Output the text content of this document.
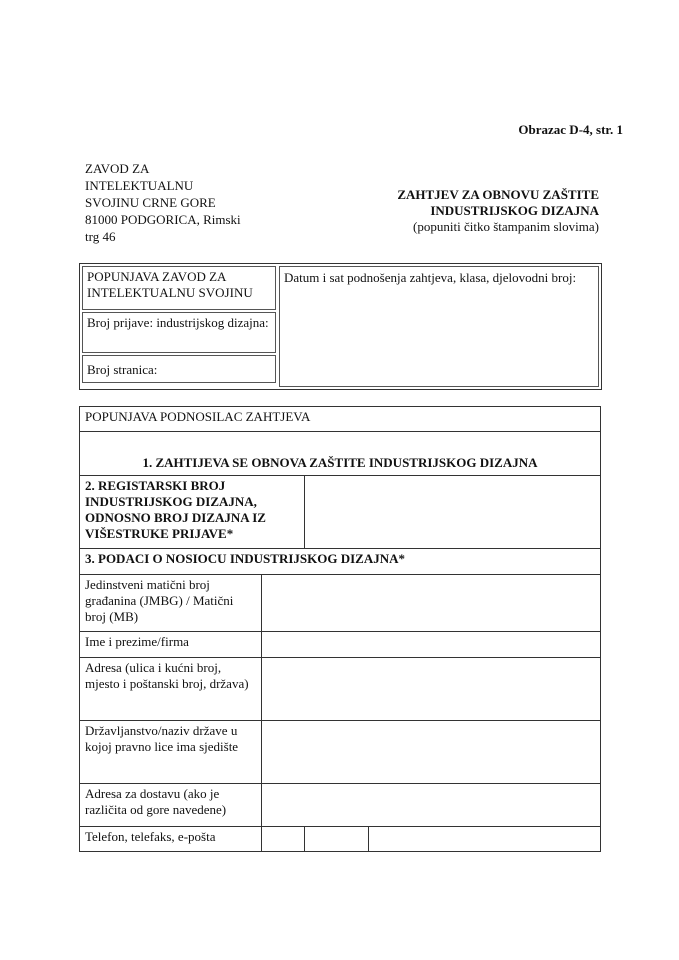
Obrazac D-4, str. 1
ZAVOD ZA
INTELEKTUALNU
SVOJINU CRNE GORE
81000 PODGORICA, Rimski
trg 46
ZAHTJEV ZA OBNOVU ZAŠTITE
INDUSTRIJSKOG DIZAJNA
(popuniti čitko štampanim slovima)
POPUNJAVA ZAVOD ZA INTELEKTUALNU SVOJINU
Broj prijave: industrijskog dizajna:
Broj stranica:
Datum i sat podnošenja zahtjeva, klasa, djelovodni broj:
POPUNJAVA PODNOSILAC ZAHTJEVA			
1. ZAHTIJEVA SE OBNOVA ZAŠTITE INDUSTRIJSKOG DIZAJNA			
2. REGISTARSKI BROJ INDUSTRIJSKOG DIZAJNA, ODNOSNO BROJ DIZAJNA IZ VIŠESTRUKE PRIJAVE*			
3. PODACI O NOSIOCU INDUSTRIJSKOG DIZAJNA*			
Jedinstveni matični broj građanina (JMBG) / Matični broj (MB)			
Ime i prezime/firma			
Adresa (ulica i kućni broj, mjesto i poštanski broj, država)			
Državljanstvo/naziv države u kojoj pravno lice ima sjedište			
Adresa za dostavu (ako je različita od gore navedene)			
Telefon, telefaks, e-pošta			
